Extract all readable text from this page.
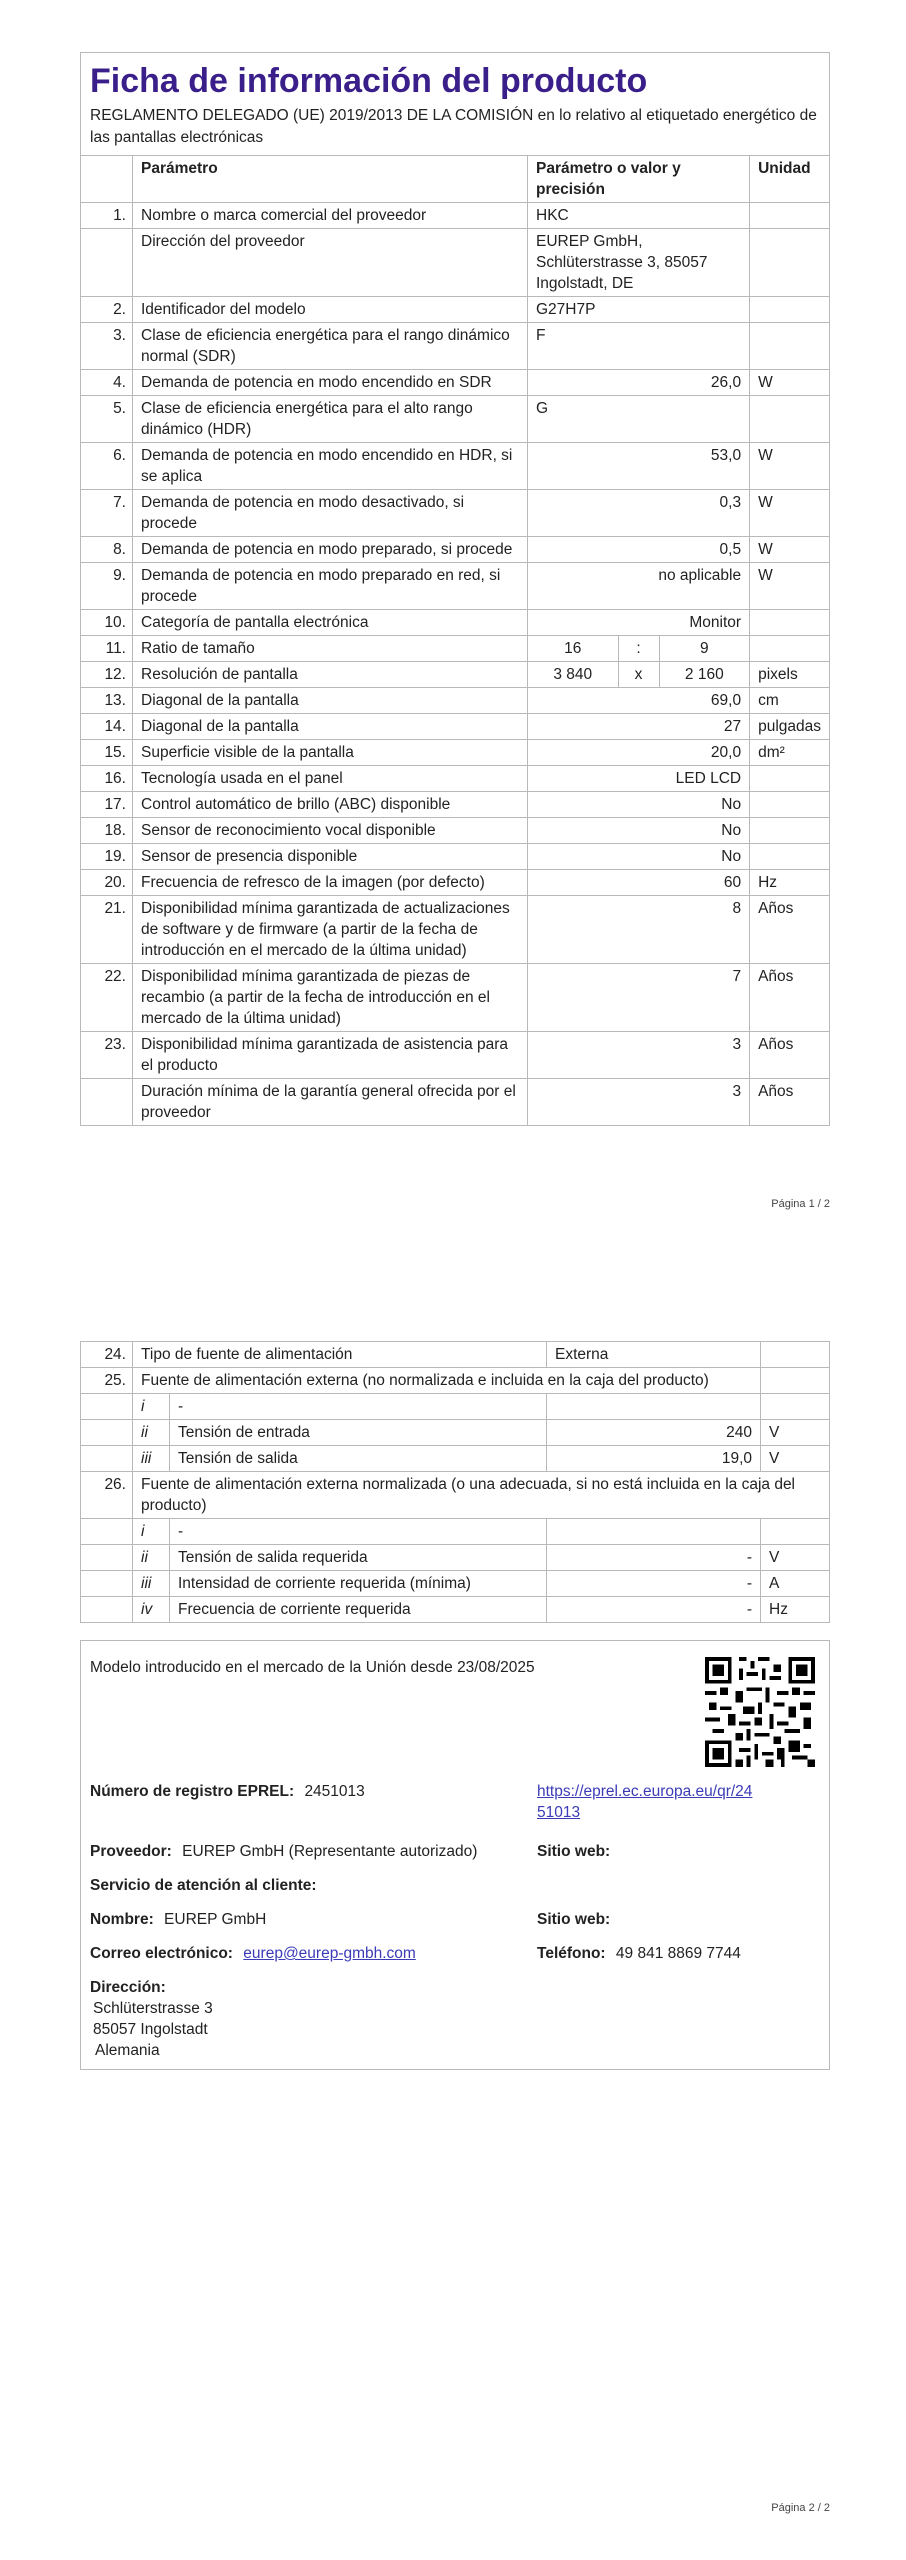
Ficha de información del producto

REGLAMENTO DELEGADO (UE) 2019/2013 DE LA COMISIÓN en lo relativo al etiquetado energético de las pantallas electrónicas

	Parámetro	Parámetro o valor y precisión			Unidad
1.	Nombre o marca comercial del proveedor	HKC			
	Dirección del proveedor	EUREP GmbH, Schlüterstrasse 3, 85057 Ingolstadt, DE			
2.	Identificador del modelo	G27H7P			
3.	Clase de eficiencia energética para el rango dinámico normal (SDR)	F			
4.	Demanda de potencia en modo encendido en SDR	26,0			W
5.	Clase de eficiencia energética para el alto rango dinámico (HDR)	G			
6.	Demanda de potencia en modo encendido en HDR, si se aplica	53,0			W
7.	Demanda de potencia en modo desactivado, si procede	0,3			W
8.	Demanda de potencia en modo preparado, si procede	0,5			W
9.	Demanda de potencia en modo preparado en red, si procede	no aplicable			W
10.	Categoría de pantalla electrónica	Monitor			
11.	Ratio de tamaño	16	:	9	
12.	Resolución de pantalla	3 840	x	2 160	pixels
13.	Diagonal de la pantalla	69,0			cm
14.	Diagonal de la pantalla	27			pulgadas
15.	Superficie visible de la pantalla	20,0			dm²
16.	Tecnología usada en el panel	LED LCD			
17.	Control automático de brillo (ABC) disponible	No			
18.	Sensor de reconocimiento vocal disponible	No			
19.	Sensor de presencia disponible	No			
20.	Frecuencia de refresco de la imagen (por defecto)	60			Hz
21.	Disponibilidad mínima garantizada de actualizaciones de software y de firmware (a partir de la fecha de introducción en el mercado de la última unidad)	8			Años
22.	Disponibilidad mínima garantizada de piezas de recambio (a partir de la fecha de introducción en el mercado de la última unidad)	7			Años
23.	Disponibilidad mínima garantizada de asistencia para el producto	3			Años
	Duración mínima de la garantía general ofrecida por el proveedor	3			Años
Página 1 / 2
24.	Tipo de fuente de alimentación		Externa	
25.	Fuente de alimentación externa (no normalizada e incluida en la caja del producto)			
	i	-		
	ii	Tensión de entrada	240	V
	iii	Tensión de salida	19,0	V
26.	Fuente de alimentación externa normalizada (o una adecuada, si no está incluida en la caja del producto)			
	i	-		
	ii	Tensión de salida requerida	-	V
	iii	Intensidad de corriente requerida (mínima)	-	A
	iv	Frecuencia de corriente requerida	-	Hz
Modelo introducido en el mercado de la Unión desde 23/08/2025
Número de registro EPREL: 2451013	https://eprel.ec.europa.eu/qr/24
51013
Proveedor: EUREP GmbH (Representante autorizado)	Sitio web:
Servicio de atención al cliente:
Nombre: EUREP GmbH	Sitio web:
Correo electrónico: eurep@eurep-gmbh.com	Teléfono: 49 841 8869 7744
Dirección:
Schlüterstrasse 3
85057 Ingolstadt
Alemania
Página 2 / 2
